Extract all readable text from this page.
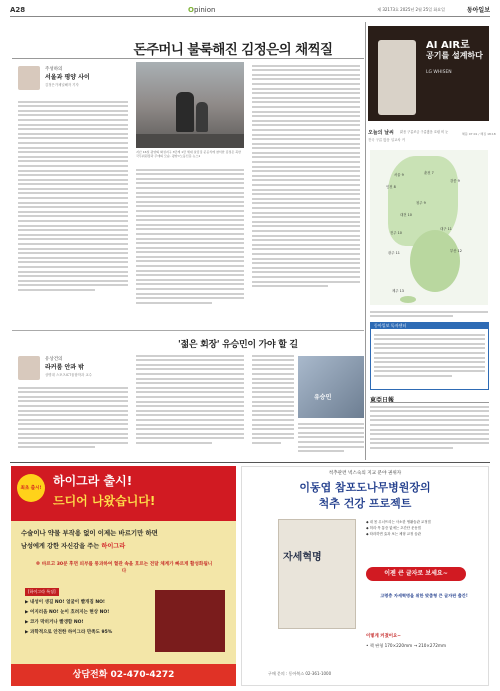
A28	Opinion	제 32173호 2025년 2월 25일 화요일	동아일보
돈주머니 불룩해진 김정은의 채찍질
주성하의
서울과 평양 사이
김정은가채널해자 기자
지난 16일 평양의 화성지구 3단계 1만 세대 살림집 준공식에 참석한 김정은 북한 국무위원장과 주애의 모습. 평양=노동신문 뉴스1
AI AIR로
공기를 설계하다
LG WHISEN
오늘의 날씨 맑음 구름조금 구름많음 흐림 비 눈
전국 구름 많음 일교차 커
해뜸 07:01 / 해짐 18:18
서울 9
인천 8
춘천 7
강릉 9
청주 9
대전 10
전주 10
대구 11
광주 11	부산 12
제주 13
동아일보 독자센터
東亞日報
'젊은 회장' 유승민이 가야 할 길
유상건의
라커룸 안과 밖
상명대 스포츠ICT융합학과 교수
유승민
최초 출시!
하이그라 출시!
드디어 나왔습니다!
수술이나 약물 부작용 없이 이제는 바르기만 하면
남성에게 강한 자신감을 주는 하이그라
※ 바르고 30분 후면 피부를 통과하여 혈관 속을 흐르는 전달 체계가 빠르게 활성화됩니다
[하이그라 특징]
▶ 내성이 생길 NO! 얼굴이 빨개짐 NO!
▶ 어지러움 NO! 눈이 흐려지는 현상 NO!
▶ 코가 막히거나 빨갱함 NO!
▶ 과학적으로 안전한 하이그라 만족도 95%
상담전화 02-470-4272
척추관련 넥스숙의 지교 분야 권위자
이동엽 참포도나무병원장의
척추 건강 프로젝트
자세혁명
◆ 내 몸 무너뜨리는 사소한 생활습관 교정법
◆ 허리·목 통증 없애는 초간단 운동법
◆ 따라하면 효과 보는 체형 교정 습관
이젠 큰 글자로 보세요~
고령층 자세혁명을 위한 맞춤형 큰 글자판 출간!
이렇게 커졌어요~
• 책 판형 170×220mm → 210×272mm
구매 문의 : 동아북스 02-361-1000
